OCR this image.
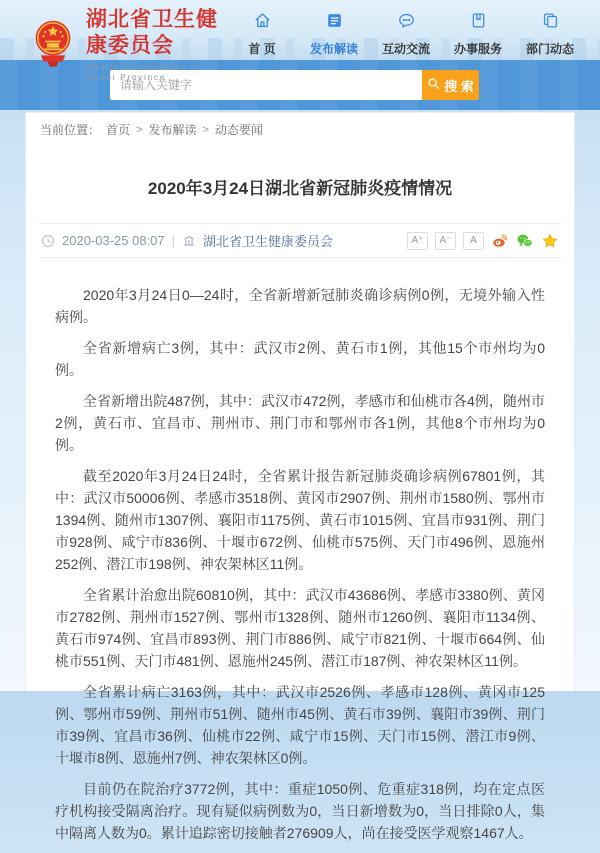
湖北省卫生健康委员会
Health Commission of Hubei Province
首 页	发布解读 互动交流 办事服务 部门动态
请输入关键字
搜 索
当前位置： 首页 > 发布解读 > 动态要闻
2020年3月24日湖北省新冠肺炎疫情情况
2020-03-25 08:07 | 湖北省卫生健康委员会	A⁺	A⁻	A

2020年3月24日0—24时，全省新增新冠肺炎确诊病例0例，无境外输入性病例。

全省新增病亡3例，其中：武汉市2例、黄石市1例，其他15个市州均为0例。

全省新增出院487例，其中：武汉市472例，孝感市和仙桃市各4例，随州市2例，黄石市、宜昌市、荆州市、荆门市和鄂州市各1例，其他8个市州均为0例。

截至2020年3月24日24时，全省累计报告新冠肺炎确诊病例67801例，其中：武汉市50006例、孝感市3518例、黄冈市2907例、荆州市1580例、鄂州市1394例、随州市1307例、襄阳市1175例、黄石市1015例、宜昌市931例、荆门市928例、咸宁市836例、十堰市672例、仙桃市575例、天门市496例、恩施州252例、潜江市198例、神农架林区11例。

全省累计治愈出院60810例，其中：武汉市43686例、孝感市3380例、黄冈市2782例、荆州市1527例、鄂州市1328例、随州市1260例、襄阳市1134例、黄石市974例、宜昌市893例、荆门市886例、咸宁市821例、十堰市664例、仙桃市551例、天门市481例、恩施州245例、潜江市187例、神农架林区11例。

全省累计病亡3163例，其中：武汉市2526例、孝感市128例、黄冈市125例、鄂州市59例、荆州市51例、随州市45例、黄石市39例、襄阳市39例、荆门市39例、宜昌市36例、仙桃市22例、咸宁市15例、天门市15例、潜江市9例、十堰市8例、恩施州7例、神农架林区0例。

目前仍在院治疗3772例，其中：重症1050例、危重症318例，均在定点医疗机构接受隔离治疗。现有疑似病例数为0，当日新增数为0，当日排除0人，集中隔离人数为0。累计追踪密切接触者276909人，尚在接受医学观察1467人。
